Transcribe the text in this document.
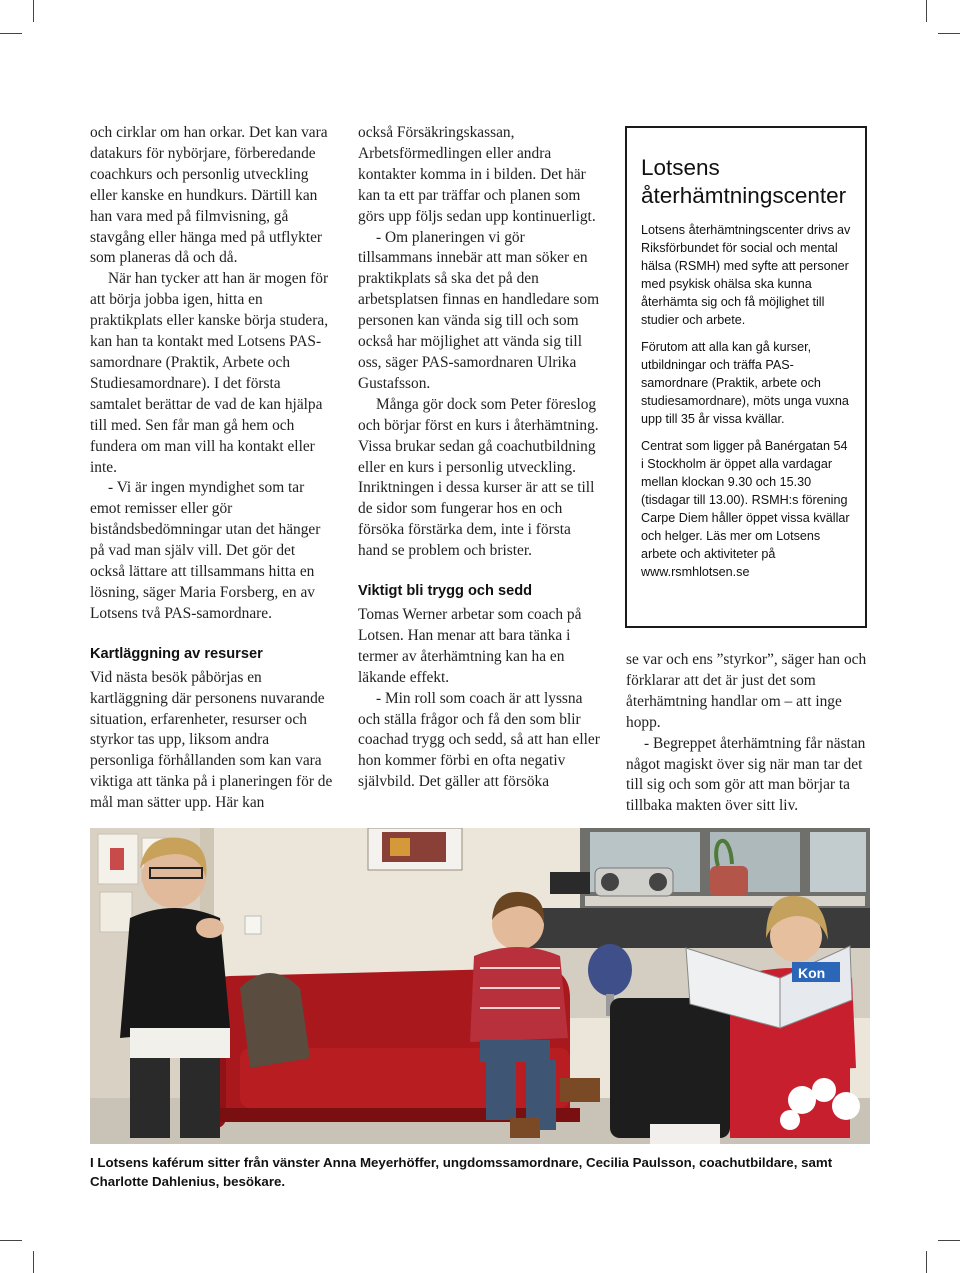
och cirklar om han orkar. Det kan vara datakurs för nybörjare, förberedande coachkurs och personlig utveckling eller kanske en hundkurs. Därtill kan han vara med på filmvisning, gå stavgång eller hänga med på utflykter som planeras då och då.

När han tycker att han är mogen för att börja jobba igen, hitta en praktikplats eller kanske börja studera, kan han ta kontakt med Lotsens PAS-samordnare (Praktik, Arbete och Studiesamordnare). I det första samtalet berättar de vad de kan hjälpa till med. Sen får man gå hem och fundera om man vill ha kontakt eller inte.

- Vi är ingen myndighet som tar emot remisser eller gör biståndsbedömningar utan det hänger på vad man själv vill. Det gör det också lättare att tillsammans hitta en lösning, säger Maria Forsberg, en av Lotsens två PAS-samordnare.

Kartläggning av resurser

Vid nästa besök påbörjas en kartläggning där personens nuvarande situation, erfarenheter, resurser och styrkor tas upp, liksom andra personliga förhållanden som kan vara viktiga att tänka på i planeringen för de mål man sätter upp. Här kan

också Försäkringskassan, Arbetsförmedlingen eller andra kontakter komma in i bilden. Det här kan ta ett par träffar och planen som görs upp följs sedan upp kontinuerligt.

- Om planeringen vi gör tillsammans innebär att man söker en praktikplats så ska det på den arbetsplatsen finnas en handledare som personen kan vända sig till och som också har möjlighet att vända sig till oss, säger PAS-samordnaren Ulrika Gustafsson.

Många gör dock som Peter föreslog och börjar först en kurs i återhämtning. Vissa brukar sedan gå coachutbildning eller en kurs i personlig utveckling. Inriktningen i dessa kurser är att se till de sidor som fungerar hos en och försöka förstärka dem, inte i första hand se problem och brister.

Viktigt bli trygg och sedd

Tomas Werner arbetar som coach på Lotsen. Han menar att bara tänka i termer av återhämtning kan ha en läkande effekt.

- Min roll som coach är att lyssna och ställa frågor och få den som blir coachad trygg och sedd, så att han eller hon kommer förbi en ofta negativ självbild. Det gäller att försöka

Lotsens återhämtningscenter

Lotsens återhämtningscenter drivs av Riksförbundet för social och mental hälsa (RSMH) med syfte att personer med psykisk ohälsa ska kunna återhämta sig och få möjlighet till studier och arbete.

Förutom att alla kan gå kurser, utbildningar och träffa PAS-samordnare (Praktik, arbete och studiesamordnare), möts unga vuxna upp till 35 år vissa kvällar.

Centrat som ligger på Banérgatan 54 i Stockholm är öppet alla vardagar mellan klockan 9.30 och 15.30 (tisdagar till 13.00). RSMH:s förening Carpe Diem håller öppet vissa kvällar och helger. Läs mer om Lotsens arbete och aktiviteter på www.rsmhlotsen.se

se var och ens ”styrkor”, säger han och förklarar att det är just det som återhämtning handlar om – att inge hopp.

- Begreppet återhämtning får nästan något magiskt över sig när man tar det till sig och som gör att man börjar ta tillbaka makten över sitt liv.

Kon
I Lotsens kaférum sitter från vänster Anna Meyerhöffer, ungdomssamordnare, Cecilia Paulsson, coachutbildare, samt Charlotte Dahlenius, besökare.
